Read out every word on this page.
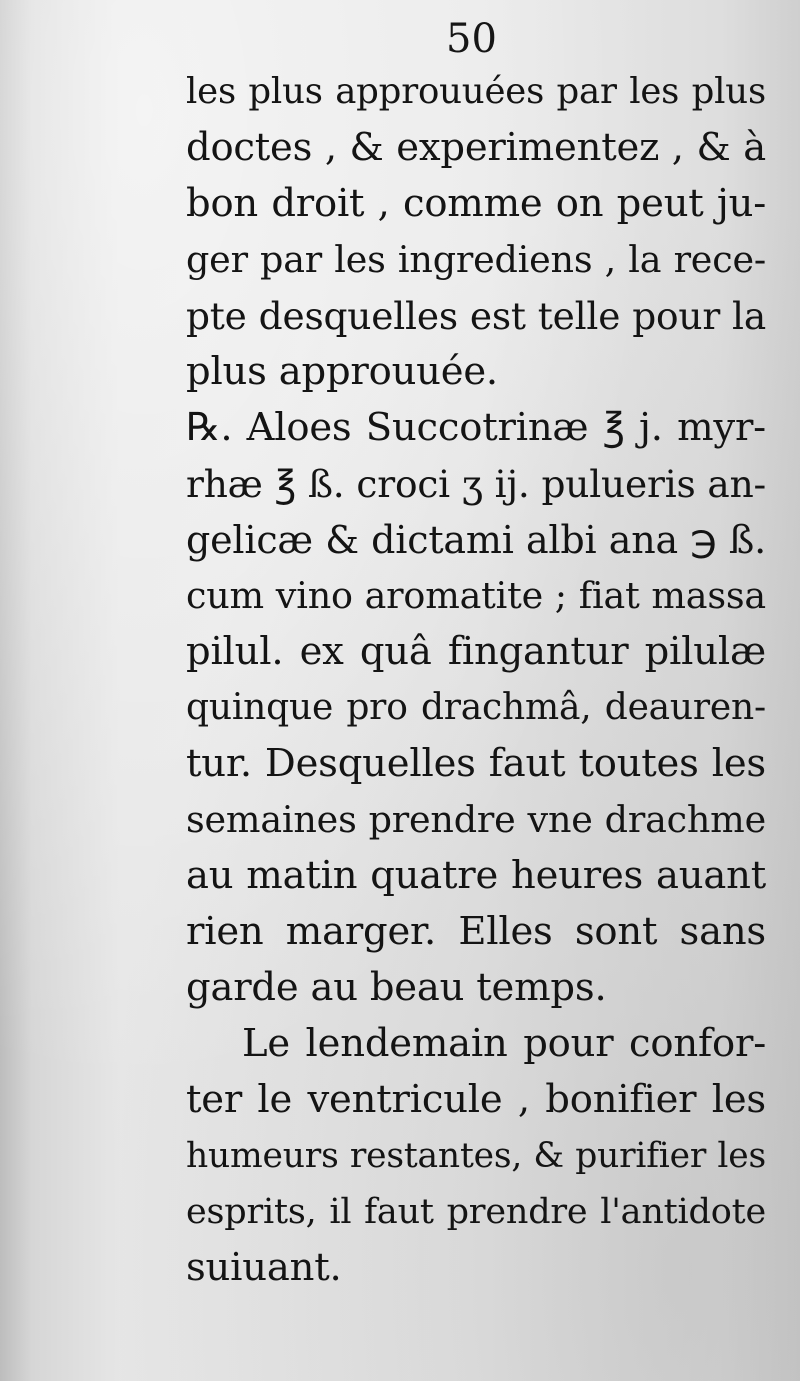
50

les plus approuuées par les plus
doctes , & experimentez , & à
bon droit , comme on peut ju-
ger par les ingrediens , la rece-
pte desquelles est telle pour la
plus approuuée.
℞. Aloes Succotrinæ ℥ j. myr-
rhæ ℥ ß. croci ʒ ij. pulueris an-
gelicæ & dictami albi ana ℈ ß.
cum vino aromatite ; fiat massa
pilul. ex quâ fingantur pilulæ
quinque pro drachmâ, deauren-
tur. Desquelles faut toutes les
semaines prendre vne drachme
au matin quatre heures auant
rien marger. Elles sont sans
garde au beau temps.
Le lendemain pour confor-
ter le ventricule , bonifier les
humeurs restantes, & purifier les
esprits, il faut prendre l'antidote
suiuant.
